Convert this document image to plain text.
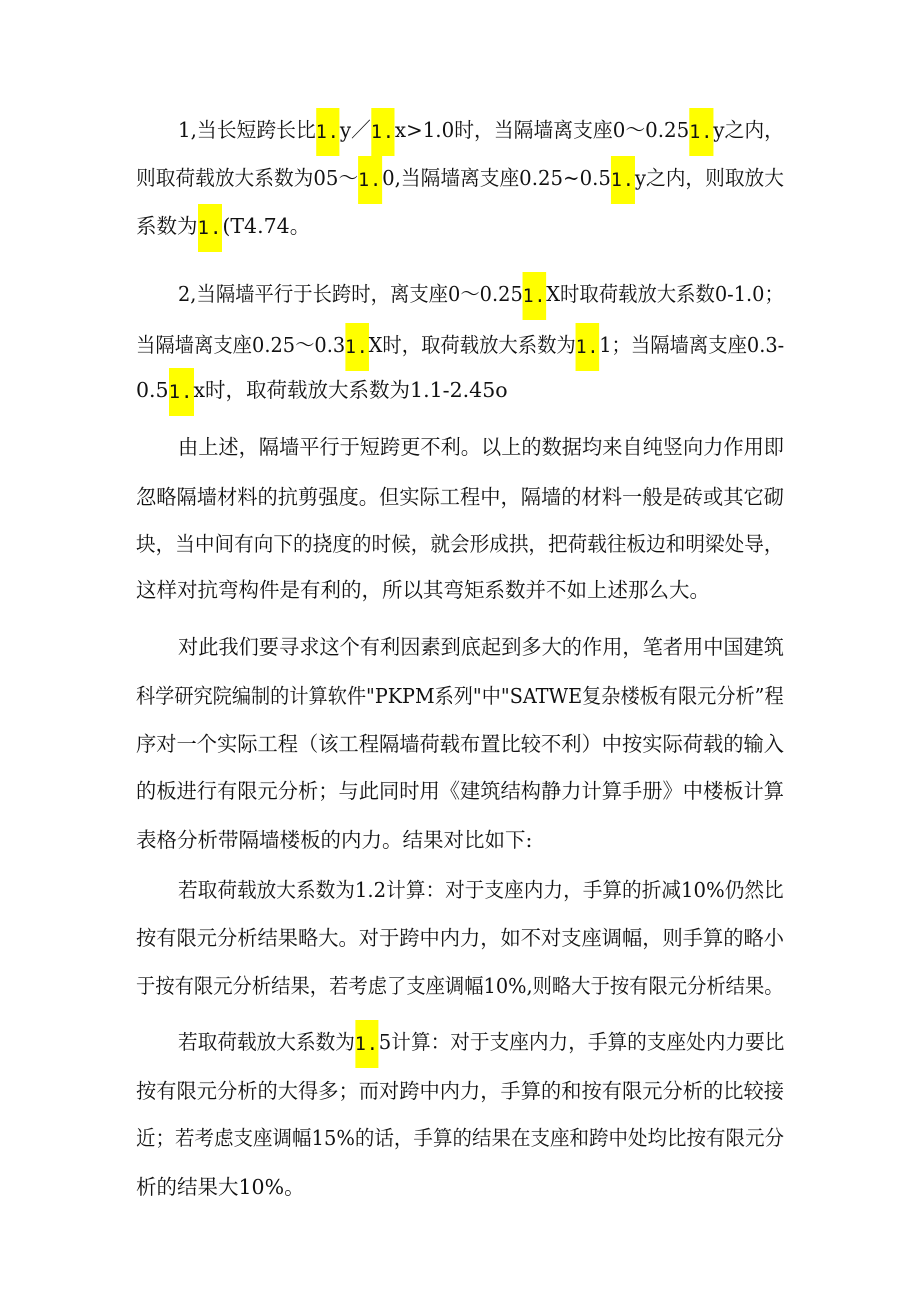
1,当长短跨长比1.y／1.x>1.0时，当隔墙离支座0～0.251.y之内，
则取荷载放大系数为05～1.0,当隔墙离支座0.25~0.51.y之内，则取放大
系数为1.(T4.74。
2,当隔墙平行于长跨时，离支座0～0.251.X时取荷载放大系数0-1.0；
当隔墙离支座0.25～0.31.X时，取荷载放大系数为1.1；当隔墙离支座0.3-
0.51.x时，取荷载放大系数为1.1-2.45o
由上述，隔墙平行于短跨更不利。以上的数据均来自纯竖向力作用即
忽略隔墙材料的抗剪强度。但实际工程中，隔墙的材料一般是砖或其它砌
块，当中间有向下的挠度的时候，就会形成拱，把荷载往板边和明梁处导，
这样对抗弯构件是有利的，所以其弯矩系数并不如上述那么大。
对此我们要寻求这个有利因素到底起到多大的作用，笔者用中国建筑
科学研究院编制的计算软件"PKPM系列"中"SATWE复杂楼板有限元分析”程
序对一个实际工程（该工程隔墙荷载布置比较不利）中按实际荷载的输入
的板进行有限元分析；与此同时用《建筑结构静力计算手册》中楼板计算
表格分析带隔墙楼板的内力。结果对比如下:
若取荷载放大系数为1.2计算：对于支座内力，手算的折减10%仍然比
按有限元分析结果略大。对于跨中内力，如不对支座调幅，则手算的略小
于按有限元分析结果，若考虑了支座调幅10%,则略大于按有限元分析结果。
若取荷载放大系数为1.5计算：对于支座内力，手算的支座处内力要比
按有限元分析的大得多；而对跨中内力，手算的和按有限元分析的比较接
近；若考虑支座调幅15%的话，手算的结果在支座和跨中处均比按有限元分
析的结果大10%。
